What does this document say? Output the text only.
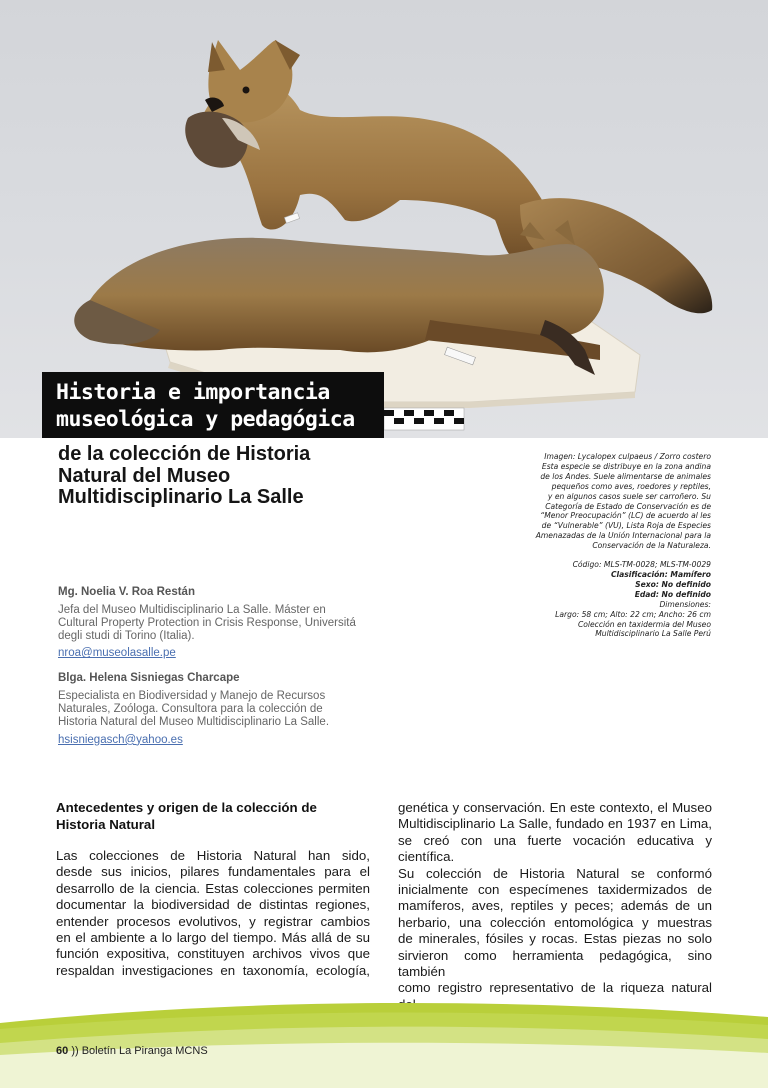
Historia e importancia
museológica y pedagógica
de la colección de Historia Natural del Museo Multidisciplinario La Salle
Imagen: Lycalopex culpaeus / Zorro costero
Esta especie se distribuye en la zona andina
de los Andes. Suele alimentarse de animales
pequeños como aves, roedores y reptiles,
y en algunos casos suele ser carroñero. Su
Categoría de Estado de Conservación es de
“Menor Preocupación” (LC) de acuerdo al les
de “Vulnerable” (VU), Lista Roja de Especies
Amenazadas de la Unión Internacional para la
Conservación de la Naturaleza.
Código: MLS-TM-0028; MLS-TM-0029
Clasificación: Mamífero
Sexo: No definido
Edad: No definido
Dimensiones:
Largo: 58 cm; Alto: 22 cm; Ancho: 26 cm
Colección en taxidermia del Museo
Multidisciplinario La Salle Perú
Mg. Noelia V. Roa Restán
Jefa del Museo Multidisciplinario La Salle. Máster en Cultural Property Protection in Crisis Response, Universitá degli studi di Torino (Italia).
nroa@museolasalle.pe
Blga. Helena Sisniegas Charcape
Especialista en Biodiversidad y Manejo de Recursos Naturales, Zoóloga. Consultora para la colección de Historia Natural del Museo Multidisciplinario La Salle.
hsisniegasch@yahoo.es
Antecedentes y origen de la colección de Historia Natural
Las colecciones de Historia Natural han sido,
desde sus inicios, pilares fundamentales para el
desarrollo de la ciencia. Estas colecciones permiten
documentar la biodiversidad de distintas regiones,
entender procesos evolutivos, y registrar cambios
en el ambiente a lo largo del tiempo. Más allá de su
función expositiva, constituyen archivos vivos que
respaldan investigaciones en taxonomía, ecología,
genética y conservación. En este contexto, el Museo
Multidisciplinario La Salle, fundado en 1937 en Lima,
se creó con una fuerte vocación educativa y científica.
Su colección de Historia Natural se conformó
inicialmente con especímenes taxidermizados de
mamíferos, aves, reptiles y peces; además de un
herbario, una colección entomológica y muestras
de minerales, fósiles y rocas. Estas piezas no solo
sirvieron como herramienta pedagógica, sino también
como registro representativo de la riqueza natural
60 )) Boletín La Piranga MCNS
